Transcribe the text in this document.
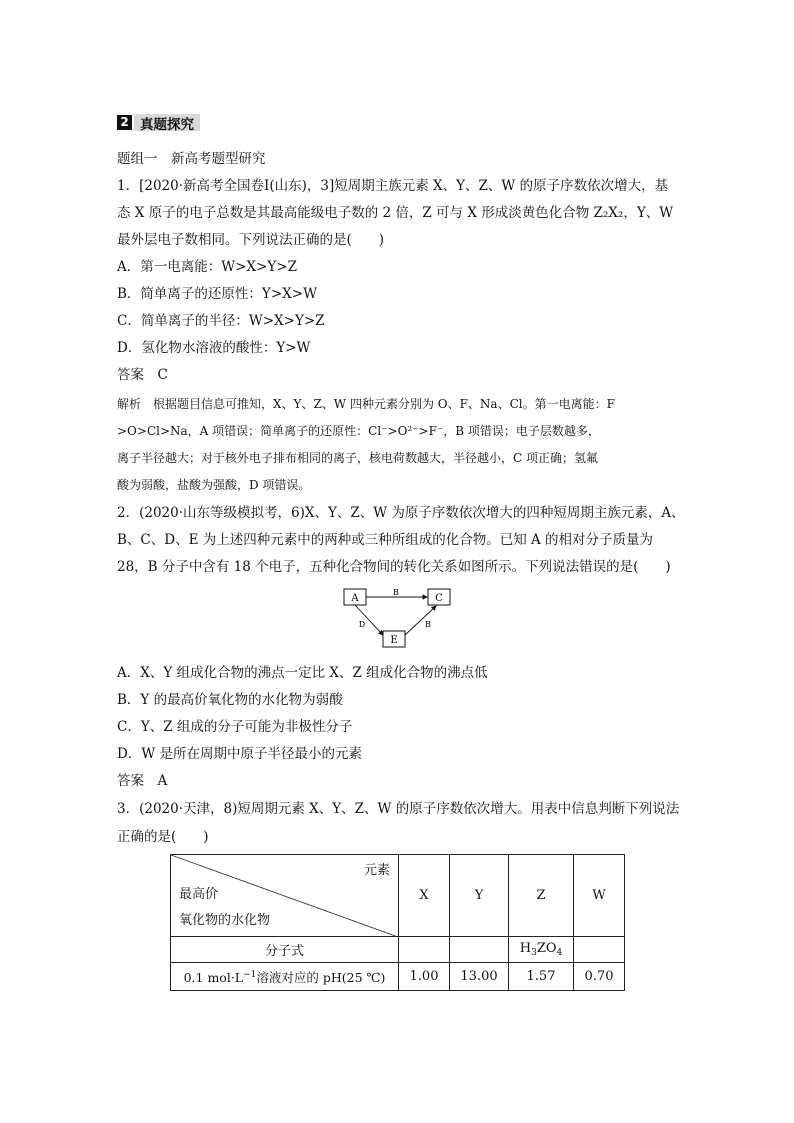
2 真题探究
题组一　新高考题型研究
1．[2020·新高考全国卷Ⅰ(山东)，3]短周期主族元素 X、Y、Z、W 的原子序数依次增大，基
态 X 原子的电子总数是其最高能级电子数的 2 倍，Z 可与 X 形成淡黄色化合物 Z₂X₂，Y、W
最外层电子数相同。下列说法正确的是(　　)
A．第一电离能：W>X>Y>Z
B．简单离子的还原性：Y>X>W
C．简单离子的半径：W>X>Y>Z
D．氢化物水溶液的酸性：Y>W
答案　C
解析　根据题目信息可推知，X、Y、Z、W 四种元素分别为 O、F、Na、Cl。第一电离能：F
>O>Cl>Na，A 项错误；简单离子的还原性：Cl⁻>O²⁻>F⁻，B 项错误；电子层数越多，
离子半径越大；对于核外电子排布相同的离子，核电荷数越大，半径越小，C 项正确；氢氟
酸为弱酸，盐酸为强酸，D 项错误。
2．(2020·山东等级模拟考，6)X、Y、Z、W 为原子序数依次增大的四种短周期主族元素，A、
B、C、D、E 为上述四种元素中的两种或三种所组成的化合物。已知 A 的相对分子质量为
28，B 分子中含有 18 个电子，五种化合物间的转化关系如图所示。下列说法错误的是(　　)
A	C
E
B
D	B
A．X、Y 组成化合物的沸点一定比 X、Z 组成化合物的沸点低
B．Y 的最高价氧化物的水化物为弱酸
C．Y、Z 组成的分子可能为非极性分子
D．W 是所在周期中原子半径最小的元素
答案　A
3．(2020·天津，8)短周期元素 X、Y、Z、W 的原子序数依次增大。用表中信息判断下列说法
正确的是(　　)
元素
最高价
氧化物的水化物	X	Y	Z	W
分子式			$H_3ZO_4$	
0.1 $mol\cdot L^{-1}$溶液对应的 pH(25 ℃)	1.00	13.00	1.57	0.70
